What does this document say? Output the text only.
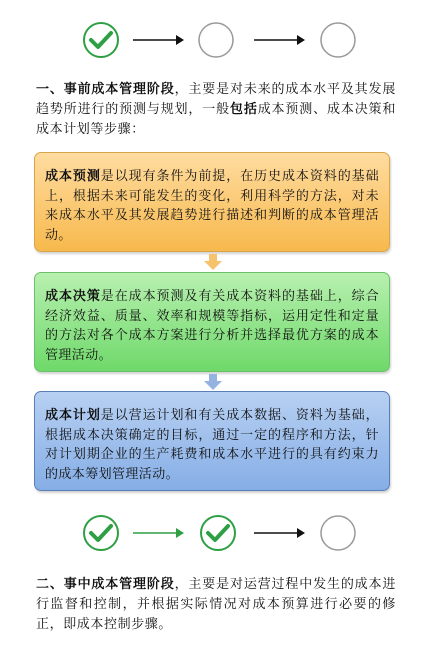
一、事前成本管理阶段，主要是对未来的成本水平及其发展趋势所进行的预测与规划，一般包括成本预测、成本决策和成本计划等步骤：
成本预测是以现有条件为前提，在历史成本资料的基础上，根据未来可能发生的变化，利用科学的方法，对未来成本水平及其发展趋势进行描述和判断的成本管理活动。
成本决策是在成本预测及有关成本资料的基础上，综合经济效益、质量、效率和规模等指标，运用定性和定量的方法对各个成本方案进行分析并选择最优方案的成本管理活动。
成本计划是以营运计划和有关成本数据、资料为基础，根据成本决策确定的目标，通过一定的程序和方法，针对计划期企业的生产耗费和成本水平进行的具有约束力的成本筹划管理活动。
二、事中成本管理阶段，主要是对运营过程中发生的成本进行监督和控制，并根据实际情况对成本预算进行必要的修正，即成本控制步骤。
